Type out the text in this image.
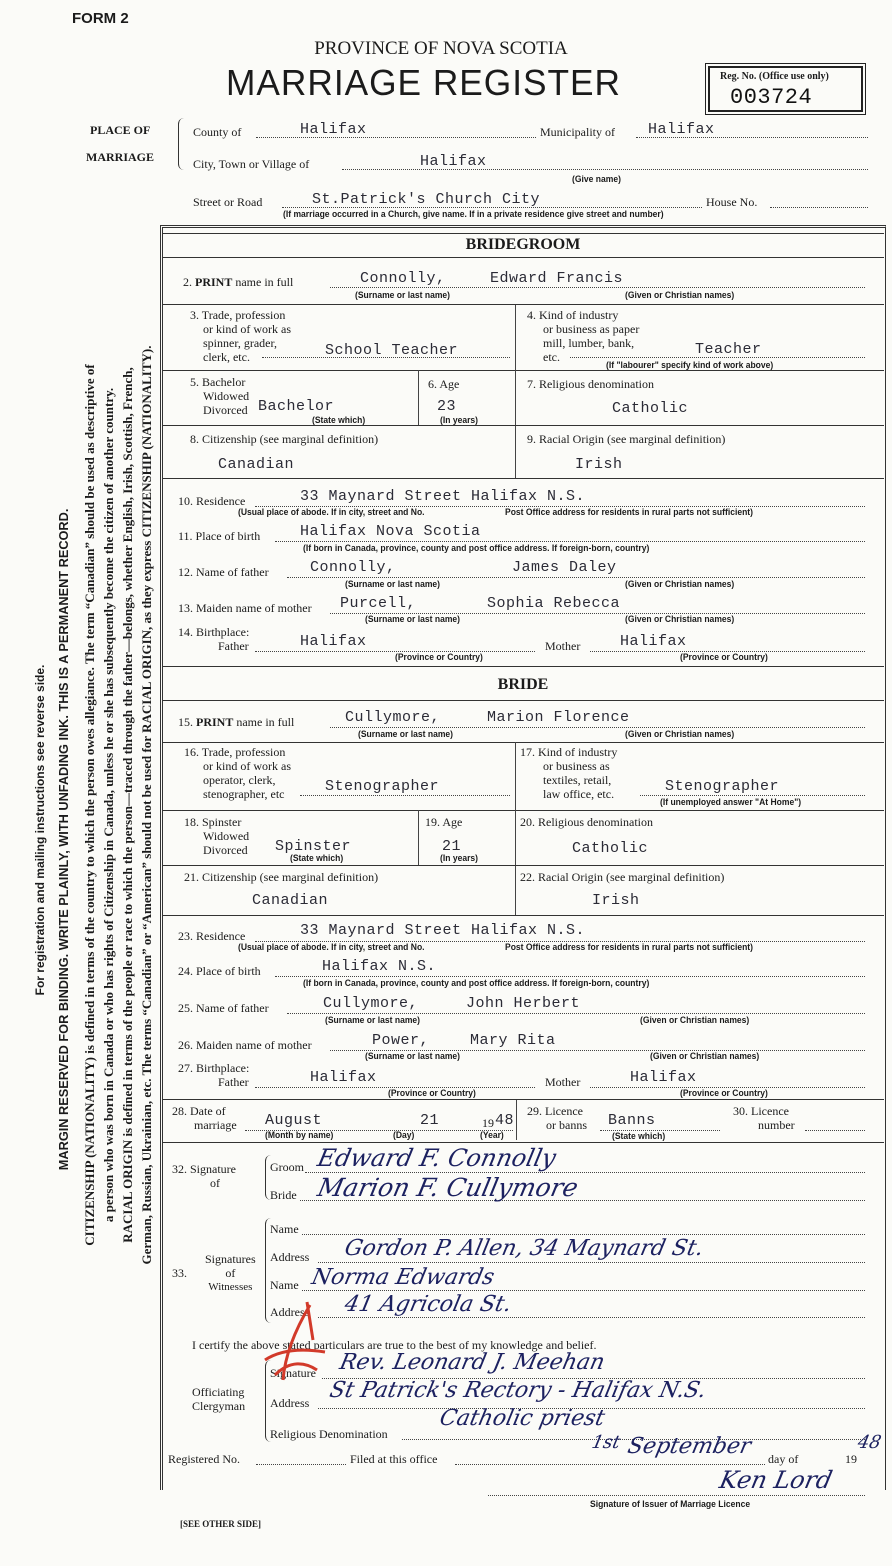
FORM 2
PROVINCE OF NOVA SCOTIA
MARRIAGE REGISTER	Reg. No. (Office use only)
003724
For registration and mailing instructions see reverse side. MARGIN RESERVED FOR BINDING. WRITE PLAINLY, WITH UNFADING INK. THIS IS A PERMANENT RECORD. CITIZENSHIP (NATIONALITY) is defined in terms of the country to which the person owes allegiance. The term “Canadian” should be used as descriptive of a person who was born in Canada or who has rights of Citizenship in Canada, unless he or she has subsequently become the citizen of another country. RACIAL ORIGIN is defined in terms of the people or race to which the person—traced through the father—belongs, whether English, Irish, Scottish, French, German, Russian, Ukrainian, etc. The terms “Canadian” or “American” should not be used for RACIAL ORIGIN, as they express CITIZENSHIP (NATIONALITY).
PLACE OF
MARRIAGE
County of	Halifax	Municipality of Halifax
City, Town or Village of	Halifax
(Give name)
Street or Road	St.Patrick's Church City	House No.
(If marriage occurred in a Church, give name. If in a private residence give street and number)
BRIDEGROOM
2. PRINT name in full	Connolly,	Edward Francis
(Surname or last name)	(Given or Christian names)
3. Trade, profession
or kind of work as
spinner, grader,
clerk, etc.	School Teacher
4. Kind of industry
or business as paper
mill, lumber, bank,
etc.	Teacher
(If "labourer" specify kind of work above)
5. Bachelor
Widowed
Divorced Bachelor
(State which)
6. Age
23
(In years)
7. Religious denomination
Catholic
8. Citizenship (see marginal definition)
Canadian
9. Racial Origin (see marginal definition)
Irish
10. Residence	33 Maynard Street Halifax N.S.
(Usual place of abode. If in city, street and No.	Post Office address for residents in rural parts not sufficient)
11. Place of birth	Halifax Nova Scotia
(If born in Canada, province, county and post office address. If foreign-born, country)
12. Name of father	Connolly,	James Daley
(Surname or last name)	(Given or Christian names)
13. Maiden name of mother Purcell,	Sophia Rebecca
(Surname or last name)	(Given or Christian names)
14. Birthplace:
Father	Halifax	Mother	Halifax
(Province or Country)	(Province or Country)
BRIDE
15. PRINT name in full	Cullymore,	Marion Florence
(Surname or last name)	(Given or Christian names)
16. Trade, profession
or kind of work as
operator, clerk,
stenographer, etc	Stenographer
17. Kind of industry
or business as
textiles, retail,
law office, etc.	Stenographer
(If unemployed answer "At Home")
18. Spinster
Widowed
Divorced Spinster
(State which)
19. Age
21
(In years)
20. Religious denomination
Catholic
21. Citizenship (see marginal definition)
Canadian
22. Racial Origin (see marginal definition)
Irish
23. Residence	33 Maynard Street Halifax N.S.
(Usual place of abode. If in city, street and No.	Post Office address for residents in rural parts not sufficient)
24. Place of birth	Halifax N.S.
(If born in Canada, province, county and post office address. If foreign-born, country)
25. Name of father	Cullymore,	John Herbert
(Surname or last name)	(Given or Christian names)
26. Maiden name of mother	Power,	Mary Rita
(Surname or last name)	(Given or Christian names)
27. Birthplace:
Father	Halifax	Mother	Halifax
(Province or Country)	(Province or Country)
28. Date of
marriage August	21	19 48
(Month by name)	(Day)	(Year)
29. Licence
or banns Banns
(State which)
30. Licence
number
32. Signature
of
Groom Edward F. Connolly
Bride Marion F. Cullymore
Signatures
of
Witnesses
33.
Name
Address Gordon P. Allen, 34 Maynard St.
Name Norma Edwards
Address 41 Agricola St.
I certify the above stated particulars are true to the best of my knowledge and belief.
Officiating
Clergyman
Signature Rev. Leonard J. Meehan
Address St Patrick's Rectory - Halifax N.S.
Religious Denomination
Catholic priest
Registered No.	Filed at this office
1st
day of
September	19
48
Ken Lord
Signature of Issuer of Marriage Licence
[SEE OTHER SIDE]
